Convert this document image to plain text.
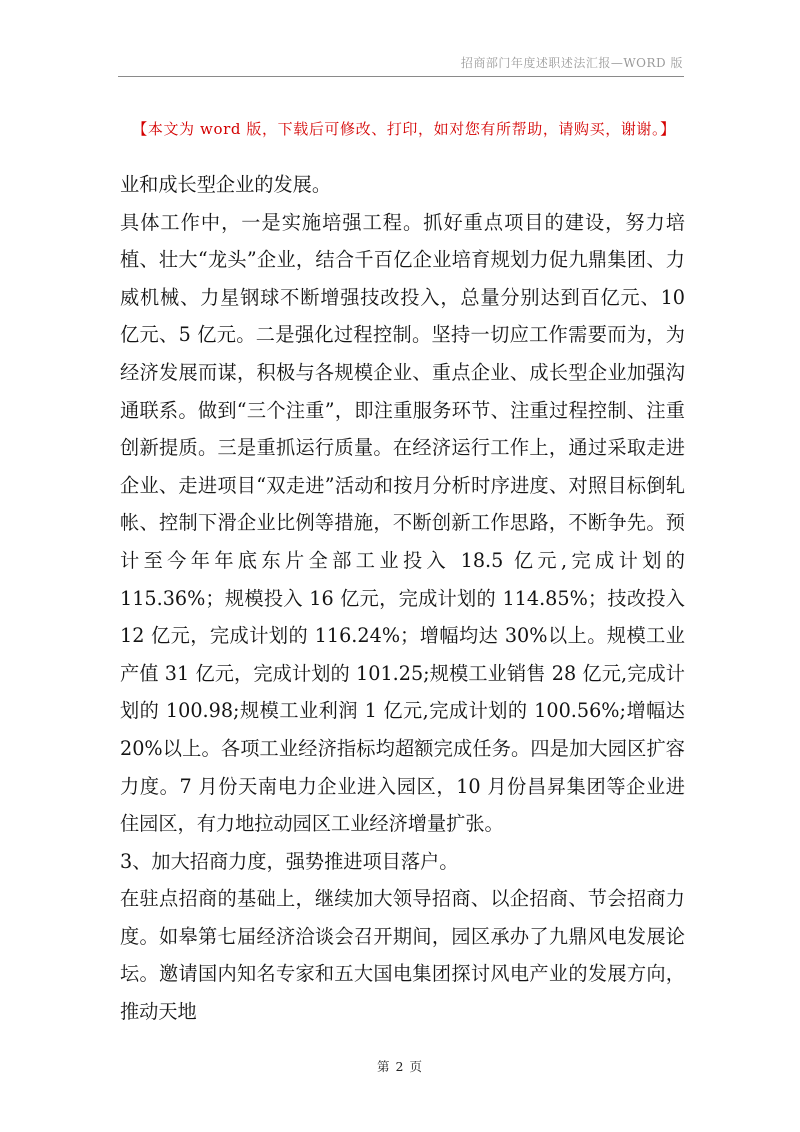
招商部门年度述职述法汇报—WORD 版
【本文为 word 版，下载后可修改、打印，如对您有所帮助，请购买，谢谢。】

业和成长型企业的发展。

具体工作中，一是实施培强工程。抓好重点项目的建设，努力培植、壮大“龙头”企业，结合千百亿企业培育规划力促九鼎集团、力威机械、力星钢球不断增强技改投入，总量分别达到百亿元、10 亿元、5 亿元。二是强化过程控制。坚持一切应工作需要而为，为经济发展而谋，积极与各规模企业、重点企业、成长型企业加强沟通联系。做到“三个注重”，即注重服务环节、注重过程控制、注重创新提质。三是重抓运行质量。在经济运行工作上，通过采取走进企业、走进项目“双走进”活动和按月分析时序进度、对照目标倒轧帐、控制下滑企业比例等措施，不断创新工作思路，不断争先。预计至今年年底东片全部工业投入 18.5 亿元,完成计划的 115.36%；规模投入 16 亿元，完成计划的 114.85%；技改投入 12 亿元，完成计划的 116.24%；增幅均达 30%以上。规模工业产值 31 亿元，完成计划的 101.25;规模工业销售 28 亿元,完成计划的 100.98;规模工业利润 1 亿元,完成计划的 100.56%;增幅达 20%以上。各项工业经济指标均超额完成任务。四是加大园区扩容力度。7 月份天南电力企业进入园区，10 月份昌昇集团等企业进住园区，有力地拉动园区工业经济增量扩张。

3、加大招商力度，强势推进项目落户。

在驻点招商的基础上，继续加大领导招商、以企招商、节会招商力度。如皋第七届经济洽谈会召开期间，园区承办了九鼎风电发展论坛。邀请国内知名专家和五大国电集团探讨风电产业的发展方向，推动天地

第 2 页
